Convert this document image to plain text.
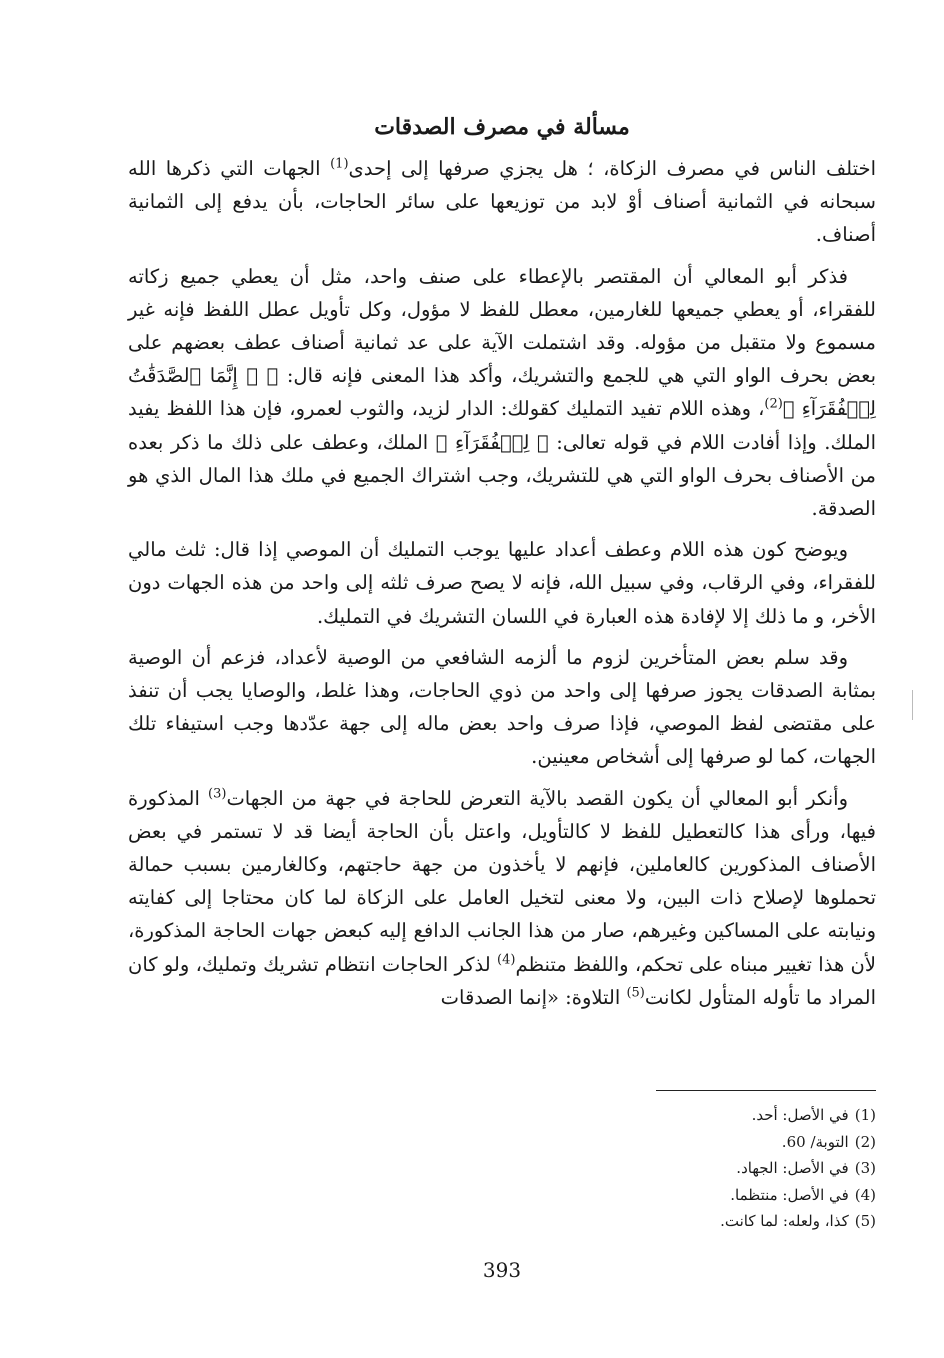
مسألة في مصرف الصدقات

اختلف الناس في مصرف الزكاة، ؛ هل يجزي صرفها إلى إحدى$^{(1)}$ الجهات التي ذكرها الله سبحانه في الثمانية أصناف أوْ لابد من توزيعها على سائر الحاجات، بأن يدفع إلى الثمانية أصناف.

فذكر أبو المعالي أن المقتصر بالإعطاء على صنف واحد، مثل أن يعطي جميع زكاته للفقراء، أو يعطي جميعها للغارمين، معطل للفظ لا مؤول، وكل تأويل عطل اللفظ فإنه غير مسموع ولا متقبل من مؤوله. وقد اشتملت الآية على عد ثمانية أصناف عطف بعضهم على بعض بحرف الواو التي هي للجمع والتشريك، وأكد هذا المعنى فإنه قال: ﴿ ۞ إِنَّمَا ٱلصَّدَقَٰتُ لِلۡفُقَرَآءِ ﴾$^{(2)}$، وهذه اللام تفيد التمليك كقولك: الدار لزيد، والثوب لعمرو، فإن هذا اللفظ يفيد الملك. وإذا أفادت اللام في قوله تعالى: ﴿ لِلۡفُقَرَآءِ ﴾ الملك، وعطف على ذلك ما ذكر بعده من الأصناف بحرف الواو التي هي للتشريك، وجب اشتراك الجميع في ملك هذا المال الذي هو الصدقة.

ويوضح كون هذه اللام وعطف أعداد عليها يوجب التمليك أن الموصي إذا قال: ثلث مالي للفقراء، وفي الرقاب، وفي سبيل الله، فإنه لا يصح صرف ثلثه إلى واحد من هذه الجهات دون الأخر، و ما ذلك إلا لإفادة هذه العبارة في اللسان التشريك في التمليك.

وقد سلم بعض المتأخرين لزوم ما ألزمه الشافعي من الوصية لأعداد، فزعم أن الوصية بمثابة الصدقات يجوز صرفها إلى واحد من ذوي الحاجات، وهذا غلط، والوصايا يجب أن تنفذ على مقتضى لفظ الموصي، فإذا صرف واحد بعض ماله إلى جهة عدّدها وجب استيفاء تلك الجهات، كما لو صرفها إلى أشخاص معينين.

وأنكر أبو المعالي أن يكون القصد بالآية التعرض للحاجة في جهة من الجهات$^{(3)}$ المذكورة فيها، ورأى هذا كالتعطيل للفظ لا كالتأويل، واعتل بأن الحاجة أيضا قد لا تستمر في بعض الأصناف المذكورين كالعاملين، فإنهم لا يأخذون من جهة حاجتهم، وكالغارمين بسبب حمالة تحملوها لإصلاح ذات البين، ولا معنى لتخيل العامل على الزكاة لما كان محتاجا إلى كفايته ونيابته على المساكين وغيرهم، صار من هذا الجانب الدافع إليه كبعض جهات الحاجة المذكورة، لأن هذا تغيير مبناه على تحكم، واللفظ متنظم$^{(4)}$ لذكر الحاجات انتظام تشريك وتمليك، ولو كان المراد ما تأوله المتأول لكانت$^{(5)}$ التلاوة: «إنما الصدقات

(1)في الأصل: أحد.
(2)التوبة/ 60.
(3)في الأصل: الجهاد.
(4)في الأصل: منتظما.
(5)كذا، ولعله: لما كانت.
393
